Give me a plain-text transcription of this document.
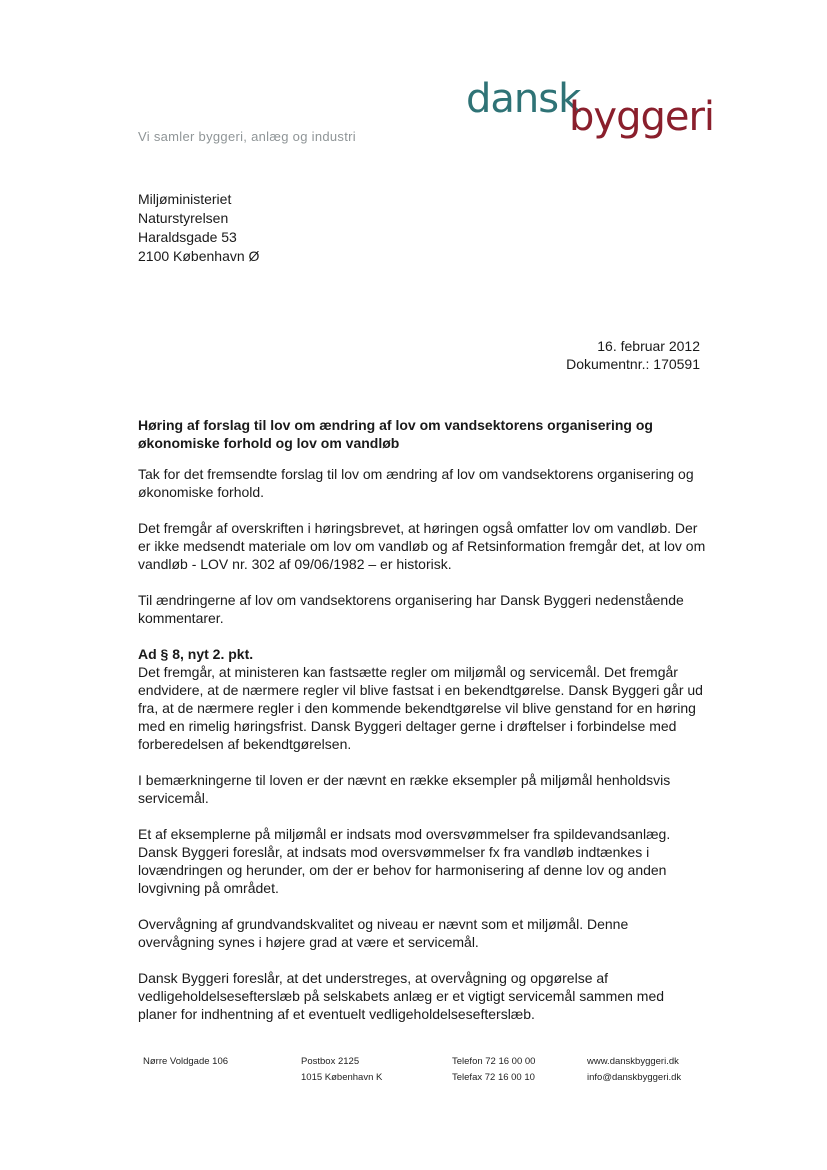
dansk
byggeri
Vi samler byggeri, anlæg og industri
Miljøministeriet
Naturstyrelsen
Haraldsgade 53
2100 København Ø
16. februar 2012
Dokumentnr.: 170591

Høring af forslag til lov om ændring af lov om vandsektorens organisering og økonomiske forhold og lov om vandløb

Tak for det fremsendte forslag til lov om ændring af lov om vandsektorens organisering og økonomiske forhold.

Det fremgår af overskriften i høringsbrevet, at høringen også omfatter lov om vandløb. Der er ikke medsendt materiale om lov om vandløb og af Retsinformation fremgår det, at lov om vandløb - LOV nr. 302 af 09/06/1982 – er historisk.

Til ændringerne af lov om vandsektorens organisering har Dansk Byggeri nedenstående kommentarer.

Ad § 8, nyt 2. pkt.

Det fremgår, at ministeren kan fastsætte regler om miljømål og servicemål. Det fremgår endvidere, at de nærmere regler vil blive fastsat i en bekendtgørelse. Dansk Byggeri går ud fra, at de nærmere regler i den kommende bekendtgørelse vil blive genstand for en høring med en rimelig høringsfrist. Dansk Byggeri deltager gerne i drøftelser i forbindelse med forberedelsen af bekendtgørelsen.

I bemærkningerne til loven er der nævnt en række eksempler på miljømål henholdsvis servicemål.

Et af eksemplerne på miljømål er indsats mod oversvømmelser fra spildevandsanlæg. Dansk Byggeri foreslår, at indsats mod oversvømmelser fx fra vandløb indtænkes i lovændringen og herunder, om der er behov for harmonisering af denne lov og anden lovgivning på området.

Overvågning af grundvandskvalitet og niveau er nævnt som et miljømål. Denne overvågning synes i højere grad at være et servicemål.

Dansk Byggeri foreslår, at det understreges, at overvågning og opgørelse af vedligeholdelsesefterslæb på selskabets anlæg er et vigtigt servicemål sammen med planer for indhentning af et eventuelt vedligeholdelsesefterslæb.

Nørre Voldgade 106	Postbox 2125
1015 København K
Telefon 72 16 00 00
Telefax 72 16 00 10
www.danskbyggeri.dk
info@danskbyggeri.dk
